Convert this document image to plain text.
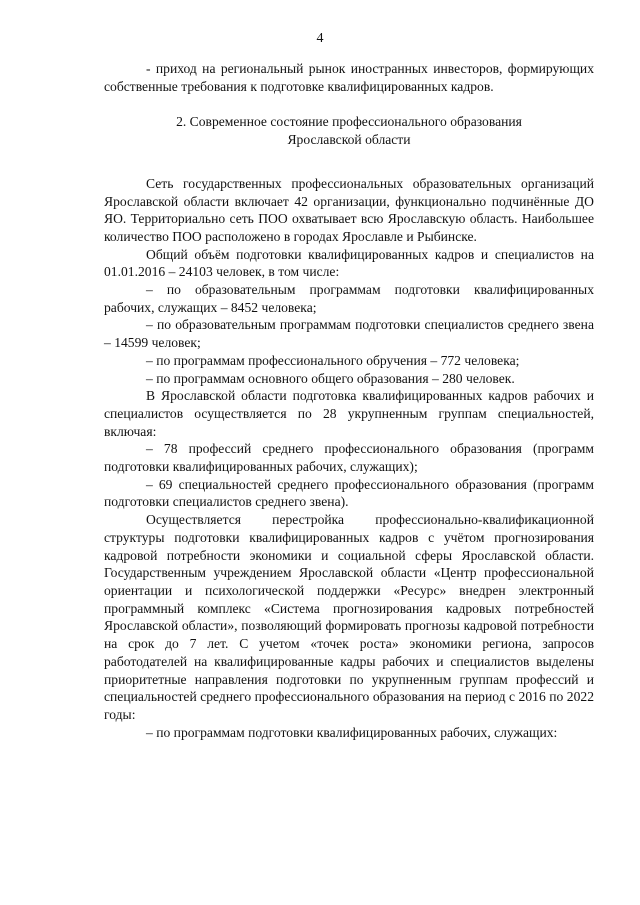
4

- приход на региональный рынок иностранных инвесторов, формирующих собственные требования к подготовке квалифицированных кадров.

2. Современное состояние профессионального образования
Ярославской области

Сеть государственных профессиональных образовательных организаций Ярославской области включает 42 организации, функционально подчинённые ДО ЯО. Территориально сеть ПОО охватывает всю Ярославскую область. Наибольшее количество ПОО расположено в городах Ярославле и Рыбинске.

Общий объём подготовки квалифицированных кадров и специалистов на 01.01.2016 – 24103 человек, в том числе:

– по образовательным программам подготовки квалифицированных рабочих, служащих – 8452 человека;

– по образовательным программам подготовки специалистов среднего звена – 14599 человек;

– по программам профессионального обручения – 772 человека;

– по программам основного общего образования – 280 человек.

В Ярославской области подготовка квалифицированных кадров рабочих и специалистов осуществляется по 28 укрупненным группам специальностей, включая:

– 78 профессий среднего профессионального образования (программ подготовки квалифицированных рабочих, служащих);

– 69 специальностей среднего профессионального образования (программ подготовки специалистов среднего звена).

Осуществляется перестройка профессионально-квалификационной структуры подготовки квалифицированных кадров с учётом прогнозирования кадровой потребности экономики и социальной сферы Ярославской области. Государственным учреждением Ярославской области «Центр профессиональной ориентации и психологической поддержки «Ресурс» внедрен электронный программный комплекс «Система прогнозирования кадровых потребностей Ярославской области», позволяющий формировать прогнозы кадровой потребности на срок до 7 лет. С учетом «точек роста» экономики региона, запросов работодателей на квалифицированные кадры рабочих и специалистов выделены приоритетные направления подготовки по укрупненным группам профессий и специальностей среднего профессионального образования на период с 2016 по 2022 годы:

– по программам подготовки квалифицированных рабочих, служащих:
